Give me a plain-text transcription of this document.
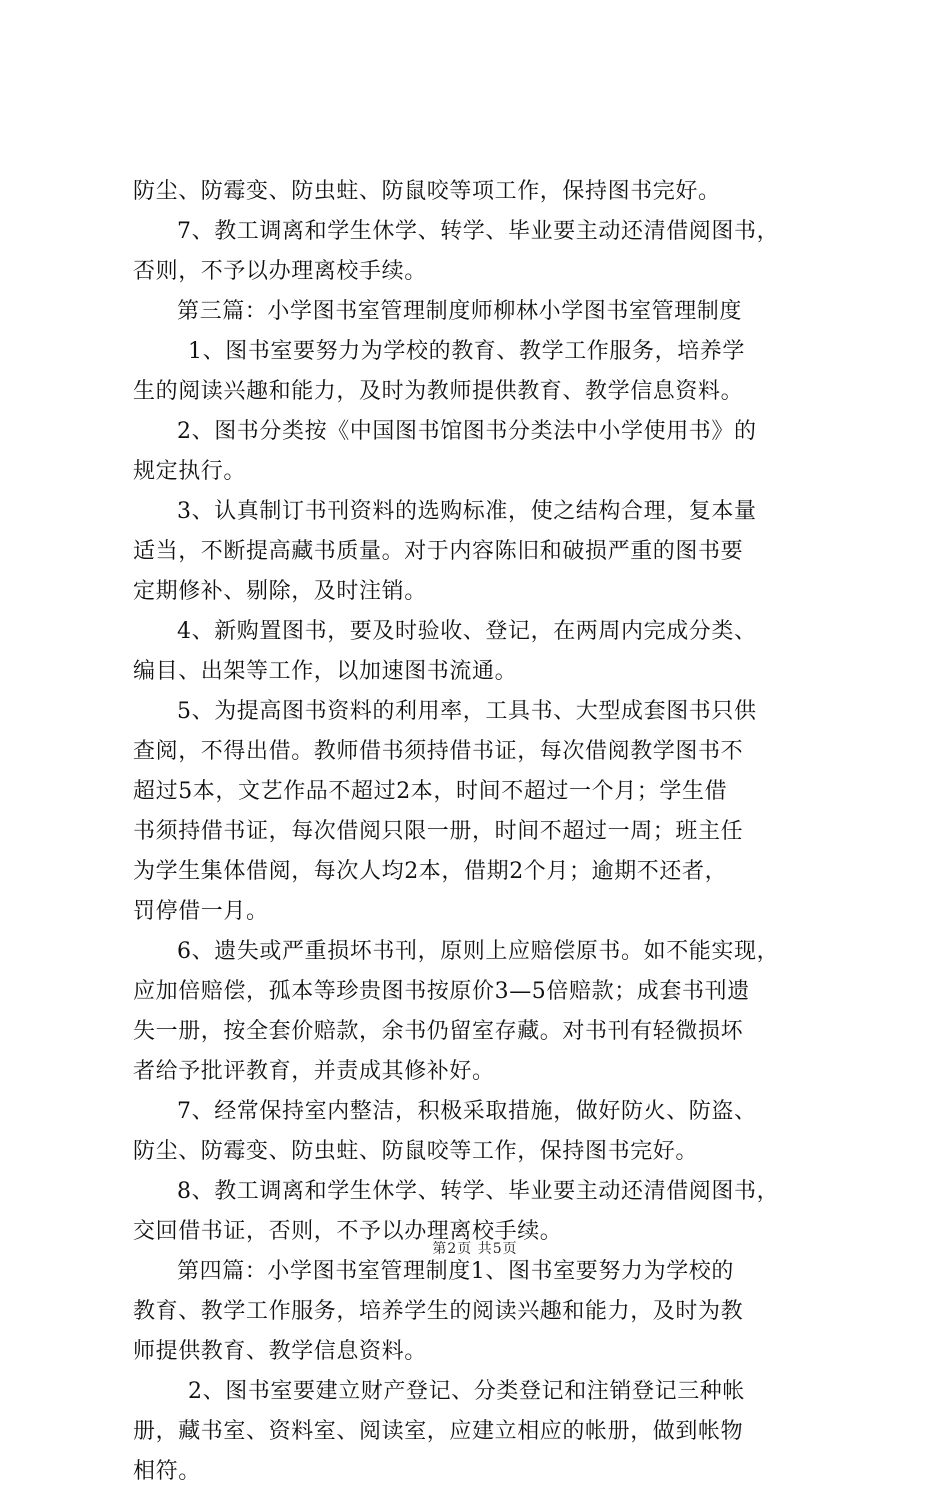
防尘、防霉变、防虫蛀、防鼠咬等项工作，保持图书完好。
7、教工调离和学生休学、转学、毕业要主动还清借阅图书，
否则，不予以办理离校手续。
第三篇：小学图书室管理制度师柳林小学图书室管理制度
1、图书室要努力为学校的教育、教学工作服务，培养学
生的阅读兴趣和能力，及时为教师提供教育、教学信息资料。
2、图书分类按《中国图书馆图书分类法中小学使用书》的
规定执行。
3、认真制订书刊资料的选购标准，使之结构合理，复本量
适当，不断提高藏书质量。对于内容陈旧和破损严重的图书要
定期修补、剔除，及时注销。
4、新购置图书，要及时验收、登记，在两周内完成分类、
编目、出架等工作，以加速图书流通。
5、为提高图书资料的利用率，工具书、大型成套图书只供
查阅，不得出借。教师借书须持借书证，每次借阅教学图书不
超过5本，文艺作品不超过2本，时间不超过一个月；学生借
书须持借书证，每次借阅只限一册，时间不超过一周；班主任
为学生集体借阅，每次人均2本，借期2个月；逾期不还者，
罚停借一月。
6、遗失或严重损坏书刊，原则上应赔偿原书。如不能实现，
应加倍赔偿，孤本等珍贵图书按原价3—5倍赔款；成套书刊遗
失一册，按全套价赔款，余书仍留室存藏。对书刊有轻微损坏
者给予批评教育，并责成其修补好。
7、经常保持室内整洁，积极采取措施，做好防火、防盗、
防尘、防霉变、防虫蛀、防鼠咬等工作，保持图书完好。
8、教工调离和学生休学、转学、毕业要主动还清借阅图书，
交回借书证，否则，不予以办理离校手续。
第四篇：小学图书室管理制度1、图书室要努力为学校的
教育、教学工作服务，培养学生的阅读兴趣和能力，及时为教
师提供教育、教学信息资料。
2、图书室要建立财产登记、分类登记和注销登记三种帐
册，藏书室、资料室、阅读室，应建立相应的帐册，做到帐物
相符。
第2页 共5页
